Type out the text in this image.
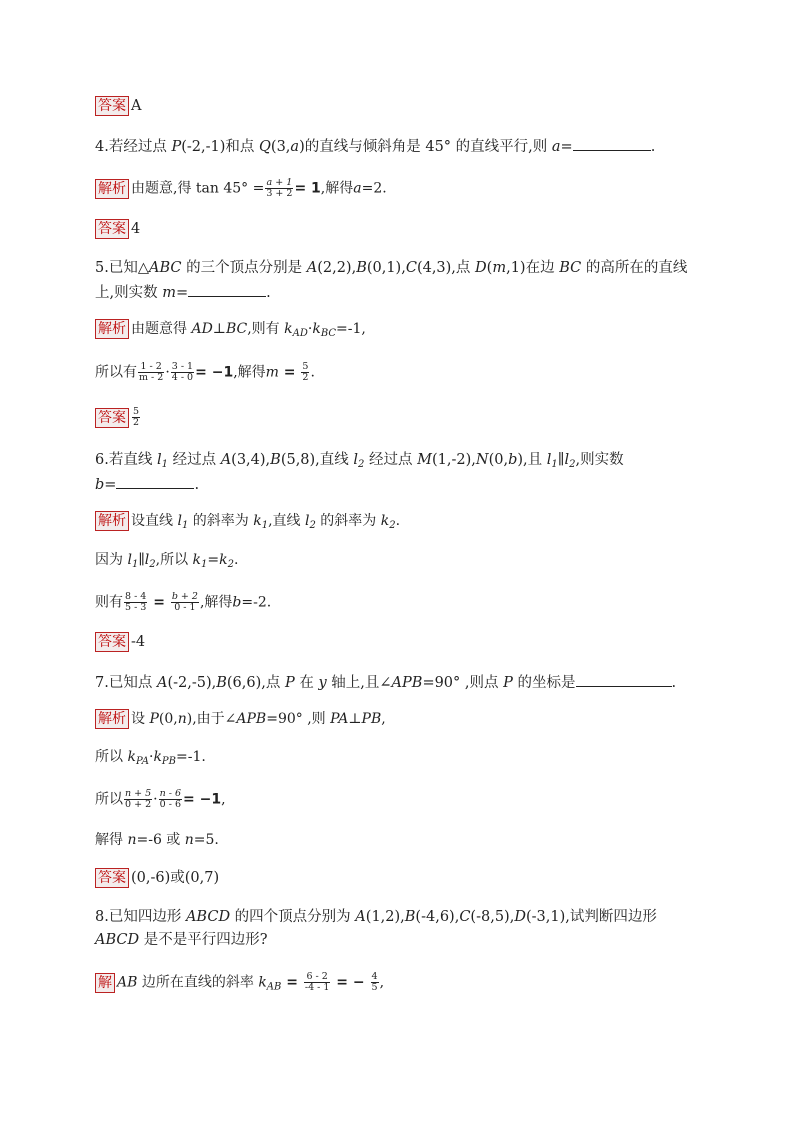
答案 A
4.若经过点 P(-2,-1)和点 Q(3,a)的直线与倾斜角是 45° 的直线平行,则 a=	.
解析 由题意,得 $\tan 45^\circ = \frac{a + 1}{3 + 2} = 1$,解得a=2.
答案 4
5.已知△ABC 的三个顶点分别是 A(2,2),B(0,1),C(4,3),点 D(m,1)在边 BC 的高所在的直线
上,则实数 m=	.
解析 由题意得 AD⊥BC,则有 $k_{AD}\cdot k_{BC}=-1$,
所以有 $\frac{1 - 2}{m - 2} \cdot \frac{3 - 1}{4 - 0} = -1$,解得$m = \frac{5}{2}$ .
答案 $\frac{5}{2}$
6.若直线 $l_1$ 经过点 A(3,4),B(5,8),直线 $l_2$ 经过点 M(1,-2),N(0,b),且 $l_1\parallel l_2$,则实数
b=	.
解析 设直线 $l_1$ 的斜率为 $k_1$,直线 $l_2$ 的斜率为 $k_2$.
因为 $l_1\parallel l_2$,所以 $k_1=k_2$.
则有 $\frac{8 - 4}{5 - 3} = \frac{b + 2}{0 - 1}$ ,解得b=-2.
答案 -4
7.已知点 A(-2,-5),B(6,6),点 P 在 y 轴上,且∠APB=90° ,则点 P 的坐标是	.
解析 设 P(0,n),由于∠APB=90° ,则 PA⊥PB,
所以 $k_{PA}\cdot k_{PB}=-1$.
所以 $\frac{n + 5}{0 + 2} \cdot \frac{n - 6}{0 - 6} = -1$,
解得 n=-6 或 n=5.
答案 (0,-6)或(0,7)
8.已知四边形 ABCD 的四个顶点分别为 A(1,2),B(-4,6),C(-8,5),D(-3,1),试判断四边形
ABCD 是不是平行四边形?
解 AB 边所在直线的斜率 $k_{AB} = \frac{6 - 2}{-4 - 1}$ = − $\frac{4}{5}$ ,
